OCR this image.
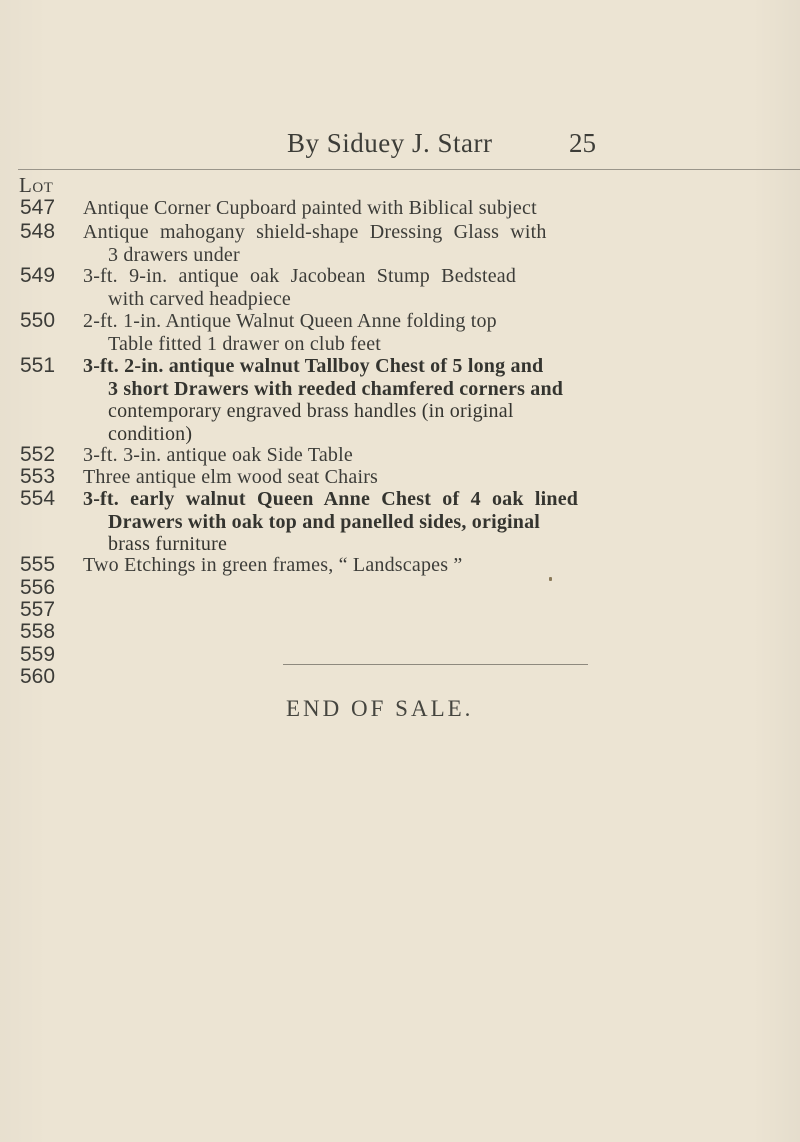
By Siduey J. Starr	25
Lot
547 Antique Corner Cupboard painted with Biblical subject
548 Antique mahogany shield-shape Dressing Glass with
3 drawers under
549 3-ft. 9-in. antique oak Jacobean Stump Bedstead
with carved headpiece
550 2-ft. 1-in. Antique Walnut Queen Anne folding top
Table fitted 1 drawer on club feet
551 3-ft. 2-in. antique walnut Tallboy Chest of 5 long and
3 short Drawers with reeded chamfered corners and
contemporary engraved brass handles (in original
condition)
552 3-ft. 3-in. antique oak Side Table
553 Three antique elm wood seat Chairs
554 3-ft. early walnut Queen Anne Chest of 4 oak lined
Drawers with oak top and panelled sides, original
brass furniture
555 Two Etchings in green frames, “ Landscapes ”
556
557
558
559
560
END OF SALE.
